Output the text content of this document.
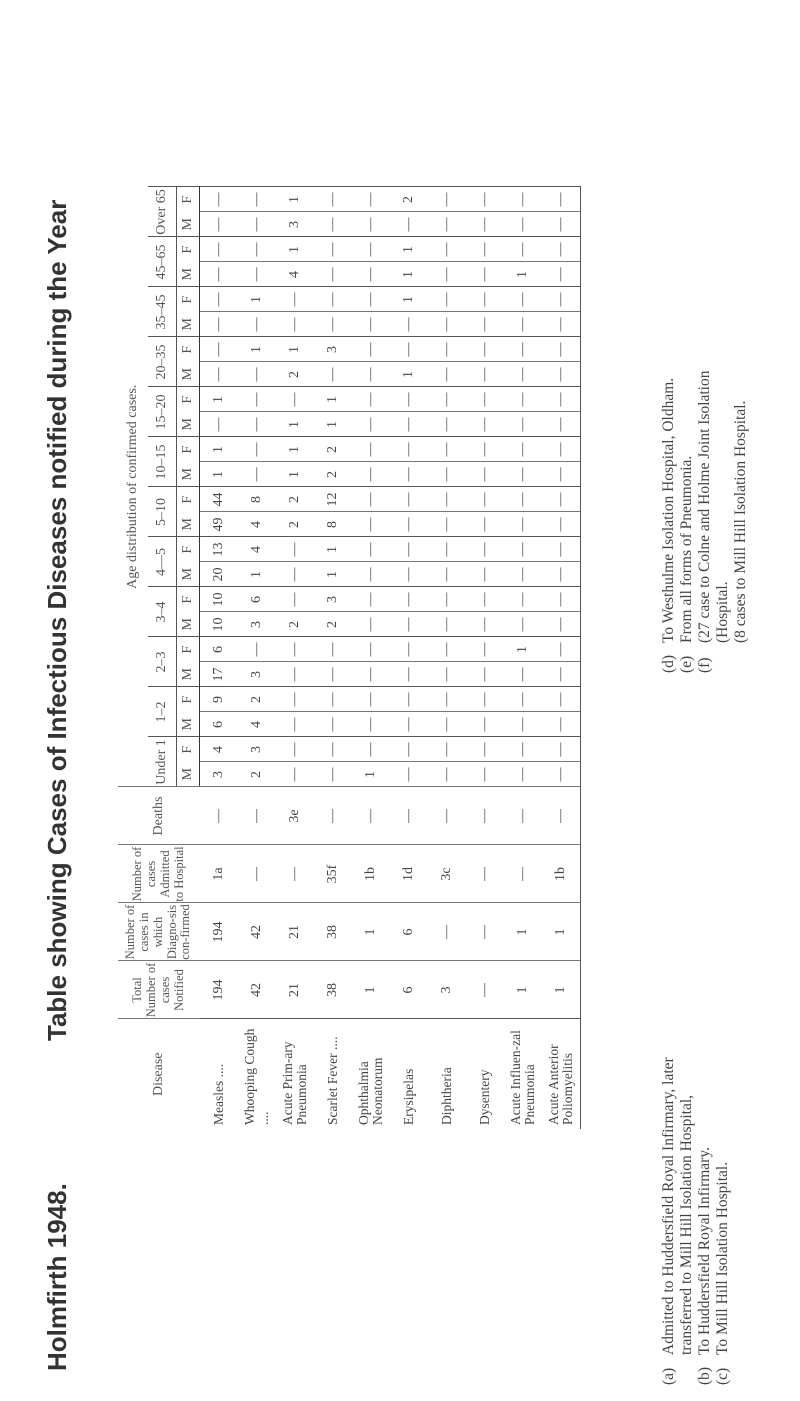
Holmfirth 1948.
Table showing Cases of Infectious Diseases notified during the Year
Disease	Total Number of cases Notified	Number of cases in which Diagno-sis con-firmed	Number of cases Admitted to Hospital	Deaths	Age distribution of confirmed cases.																							
					Under 1		1–2		2–3		3–4		4—5		5–10		10–15		15–20		20–35		35–45		45–65		Over 65	
					M	F	M	F	M	F	M	F	M	F	M	F	M	F	M	F	M	F	M	F	M	F	M	F
Measles ....	194	194	1a	—	3	4	6	9	17	6	10	10	20	13	49	44	1	1	—	1	—	—	—	—	—	—	—	—
Whooping Cough ....	42	42	—	—	2	3	4	2	3	—	3	6	1	4	4	8	—	—	—	—	—	1	—	1	—	—	—	—
Acute Prim-ary Pneumonia	21	21	—	3e	—	—	—	—	—	—	2	—	—	—	2	2	1	1	1	—	2	1	—	—	4	1	3	1
Scarlet Fever ....	38	38	35f	—	—	—	—	—	—	—	2	3	1	1	8	12	2	2	1	1	—	3	—	—	—	—	—	—
Ophthalmia Neonatorum	1	1	1b	—	1	—	—	—	—	—	—	—	—	—	—	—	—	—	—	—	—	—	—	—	—	—	—	—
Erysipelas	6	6	1d	—	—	—	—	—	—	—	—	—	—	—	—	—	—	—	—	—	1	—	—	1	1	1	—	2
Diphtheria	3	—	3c	—	—	—	—	—	—	—	—	—	—	—	—	—	—	—	—	—	—	—	—	—	—	—	—	—
Dysentery	—	—	—	—	—	—	—	—	—	—	—	—	—	—	—	—	—	—	—	—	—	—	—	—	—	—	—	—
Acute Influen-zal Pneumonia	1	1	—	—	—	—	—	—	—	1	—	—	—	—	—	—	—	—	—	—	—	—	—	—	1	—	—	—
Acute Anterior Poliomyelitis	1	1	1b	—	—	—	—	—	—	—	—	—	—	—	—	—	—	—	—	—	—	—	—	—	—	—	—	—
(a)Admitted to Huddersfield Royal Infirmary, later transferred to Mill Hill Isolation Hospital,
(b)To Huddersfield Royal Infirmary.
(c)To Mill Hill Isolation Hospital.
(d)To Westhulme Isolation Hospital, Oldham.
(e)From all forms of Pneumonia.
(f)(27 case to Colne and Holme Joint Isolation (Hospital. (8 cases to Mill Hill Isolation Hospital.
